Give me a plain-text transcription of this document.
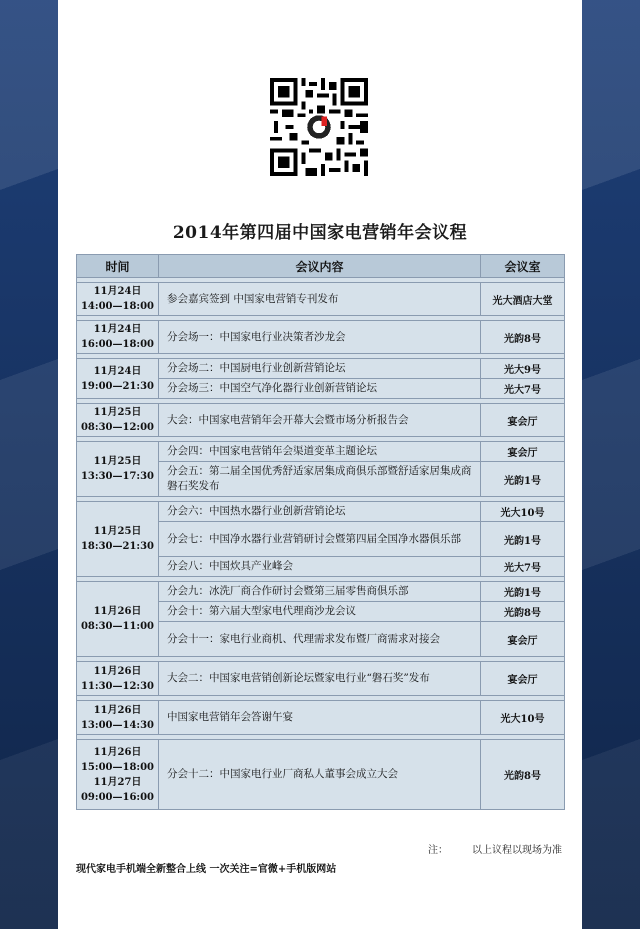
2014年第四届中国家电营销年会议程
时间	会议内容	会议室

11月24日
14:00—18:00	参会嘉宾签到 中国家电营销专刊发布	光大酒店大堂

11月24日
16:00—18:00	分会场一：中国家电行业决策者沙龙会	光韵8号

11月24日
19:00—21:30	分会场二：中国厨电行业创新营销论坛	光大9号
	分会场三：中国空气净化器行业创新营销论坛	光大7号

11月25日
08:30—12:00	大会：中国家电营销年会开幕大会暨市场分析报告会	宴会厅

11月25日
13:30—17:30	分会四：中国家电营销年会渠道变革主题论坛	宴会厅
	分会五：第二届全国优秀舒适家居集成商俱乐部暨舒适家居集成商磐石奖发布	光韵1号

11月25日
18:30—21:30	分会六：中国热水器行业创新营销论坛	光大10号
	分会七：中国净水器行业营销研讨会暨第四届全国净水器俱乐部	光韵1号
	分会八：中国炊具产业峰会	光大7号

11月26日
08:30—11:00	分会九：冰洗厂商合作研讨会暨第三届零售商俱乐部	光韵1号
	分会十：第六届大型家电代理商沙龙会议	光韵8号
	分会十一：家电行业商机、代理需求发布暨厂商需求对接会	宴会厅

11月26日
11:30—12:30	大会二：中国家电营销创新论坛暨家电行业“磐石奖”发布	宴会厅

11月26日
13:00—14:30	中国家电营销年会答谢午宴	光大10号

11月26日
15:00—18:00
11月27日
09:00—16:00	分会十二：中国家电行业厂商私人董事会成立大会	光韵8号
注： 以上议程以现场为准
现代家电手机端全新整合上线 一次关注=官微+手机版网站
